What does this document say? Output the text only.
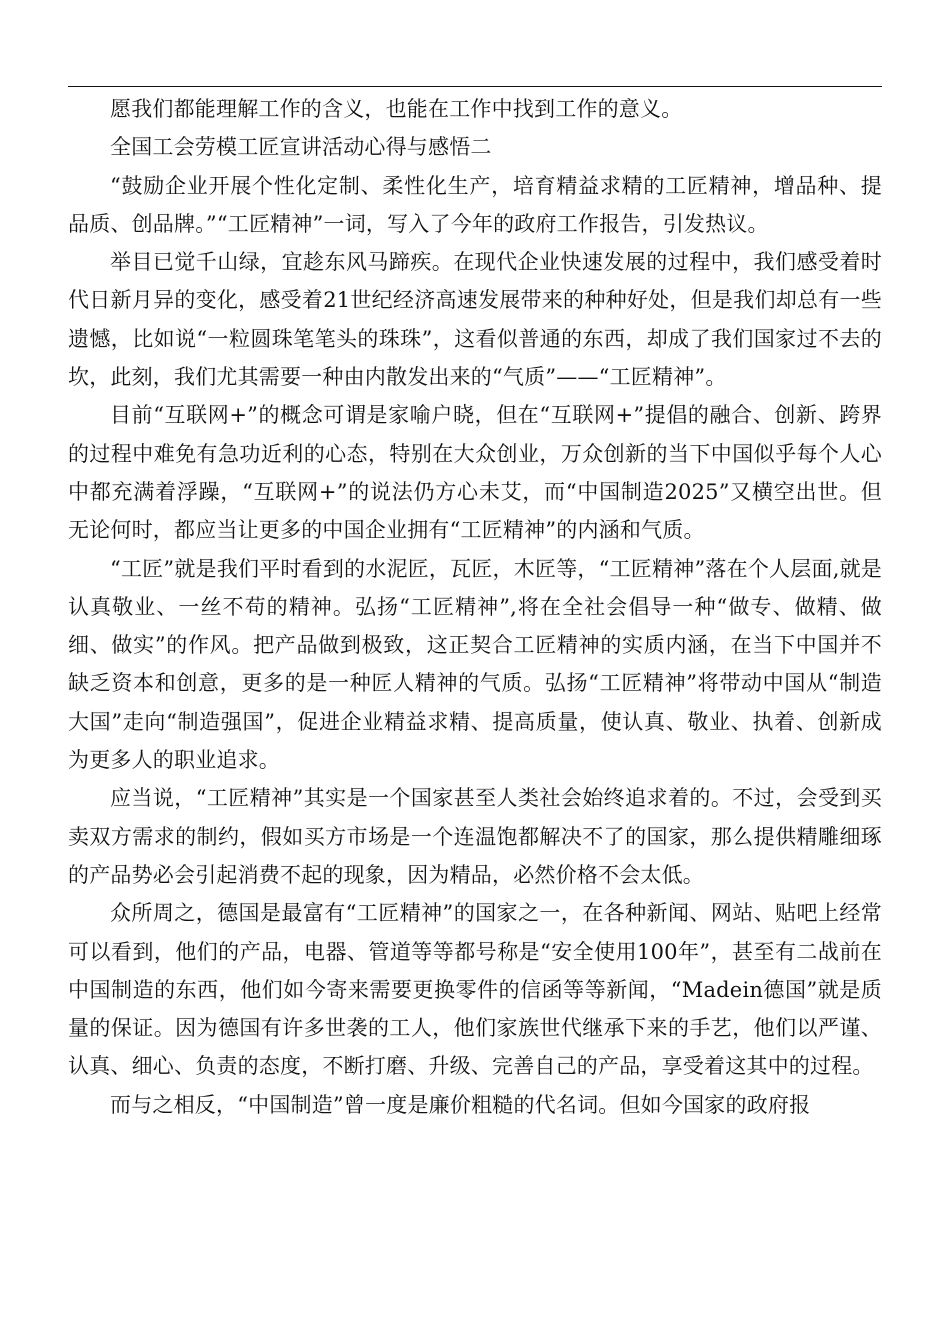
愿我们都能理解工作的含义，也能在工作中找到工作的意义。

全国工会劳模工匠宣讲活动心得与感悟二

“鼓励企业开展个性化定制、柔性化生产，培育精益求精的工匠精神，增品种、提品质、创品牌。”“工匠精神”一词，写入了今年的政府工作报告，引发热议。

举目已觉千山绿，宜趁东风马蹄疾。在现代企业快速发展的过程中，我们感受着时代日新月异的变化，感受着21世纪经济高速发展带来的种种好处，但是我们却总有一些遗憾，比如说“一粒圆珠笔笔头的珠珠”，这看似普通的东西，却成了我们国家过不去的坎，此刻，我们尤其需要一种由内散发出来的“气质”——“工匠精神”。

目前“互联网+”的概念可谓是家喻户晓，但在“互联网+”提倡的融合、创新、跨界的过程中难免有急功近利的心态，特别在大众创业，万众创新的当下中国似乎每个人心中都充满着浮躁，“互联网+”的说法仍方心未艾，而“中国制造2025”又横空出世。但无论何时，都应当让更多的中国企业拥有“工匠精神”的内涵和气质。

“工匠”就是我们平时看到的水泥匠，瓦匠，木匠等，“工匠精神”落在个人层面,就是认真敬业、一丝不苟的精神。弘扬“工匠精神”,将在全社会倡导一种“做专、做精、做细、做实”的作风。把产品做到极致，这正契合工匠精神的实质内涵，在当下中国并不缺乏资本和创意，更多的是一种匠人精神的气质。弘扬“工匠精神”将带动中国从“制造大国”走向“制造强国”，促进企业精益求精、提高质量，使认真、敬业、执着、创新成为更多人的职业追求。

应当说，“工匠精神”其实是一个国家甚至人类社会始终追求着的。不过，会受到买卖双方需求的制约，假如买方市场是一个连温饱都解决不了的国家，那么提供精雕细琢的产品势必会引起消费不起的现象，因为精品，必然价格不会太低。

众所周之，德国是最富有“工匠精神”的国家之一，在各种新闻、网站、贴吧上经常可以看到，他们的产品，电器、管道等等都号称是“安全使用100年”，甚至有二战前在中国制造的东西，他们如今寄来需要更换零件的信函等等新闻，“Madein德国”就是质量的保证。因为德国有许多世袭的工人，他们家族世代继承下来的手艺，他们以严谨、认真、细心、负责的态度，不断打磨、升级、完善自己的产品，享受着这其中的过程。

而与之相反，“中国制造”曾一度是廉价粗糙的代名词。但如今国家的政府报
